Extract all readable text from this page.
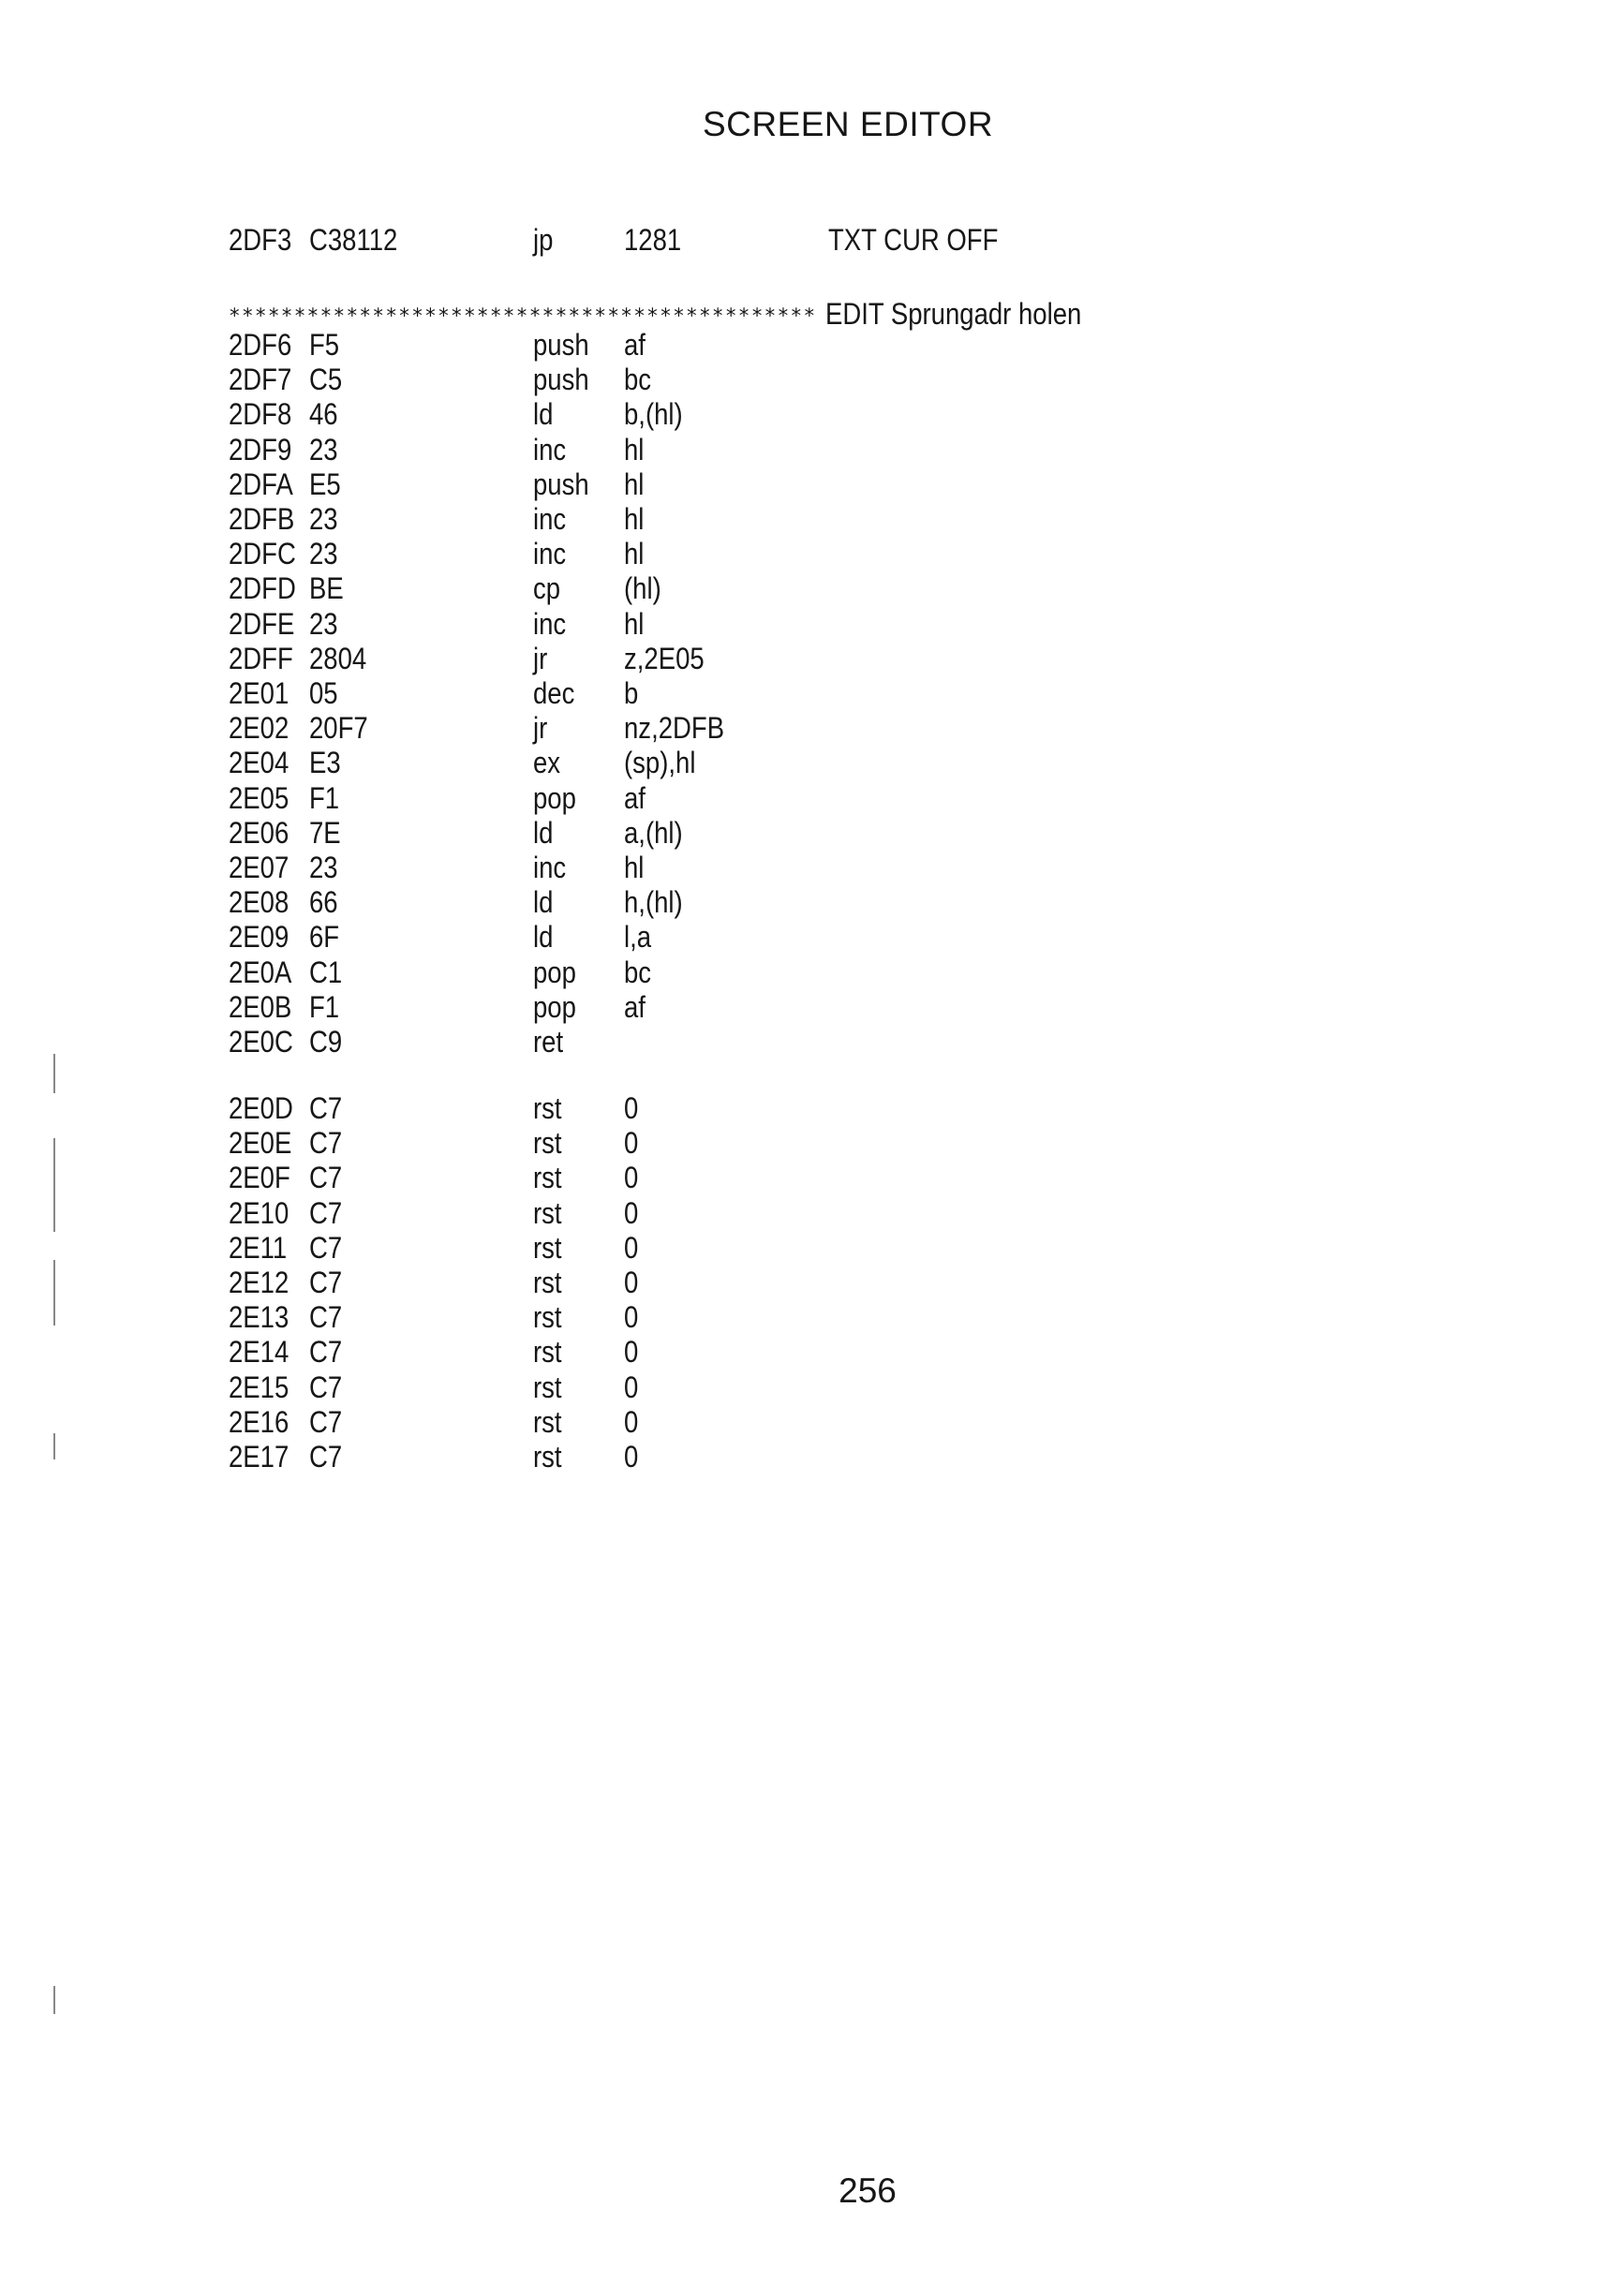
SCREEN EDITOR
2DF3 C38112	jp 1281	TXT CUR OFF
********************************************* EDIT Sprungadr holen
2DF6 F5	push	af
2DF7 C5	push	bc
2DF8 46	ld b,(hl)
2DF9 23	inc hl
2DFA E5	push	hl
2DFB 23	inc hl
2DFC 23	inc hl
2DFD BE	cp (hl)
2DFE 23	inc hl
2DFF 2804	jr	z,2E05
2E01 05	dec b
2E02 20F7	jr	nz,2DFB
2E04 E3	ex (sp),hl
2E05 F1	pop af
2E06 7E	ld a,(hl)
2E07 23	inc hl
2E08 66	ld h,(hl)
2E09 6F	ld l,a
2E0A C1	pop bc
2E0B F1	pop af
2E0C C9	ret
2E0D C7	rst 0
2E0E C7	rst 0
2E0F C7	rst 0
2E10 C7	rst 0
2E11 C7	rst 0
2E12 C7	rst 0
2E13 C7	rst 0
2E14 C7	rst 0
2E15 C7	rst 0
2E16 C7	rst 0
2E17 C7	rst 0
256
